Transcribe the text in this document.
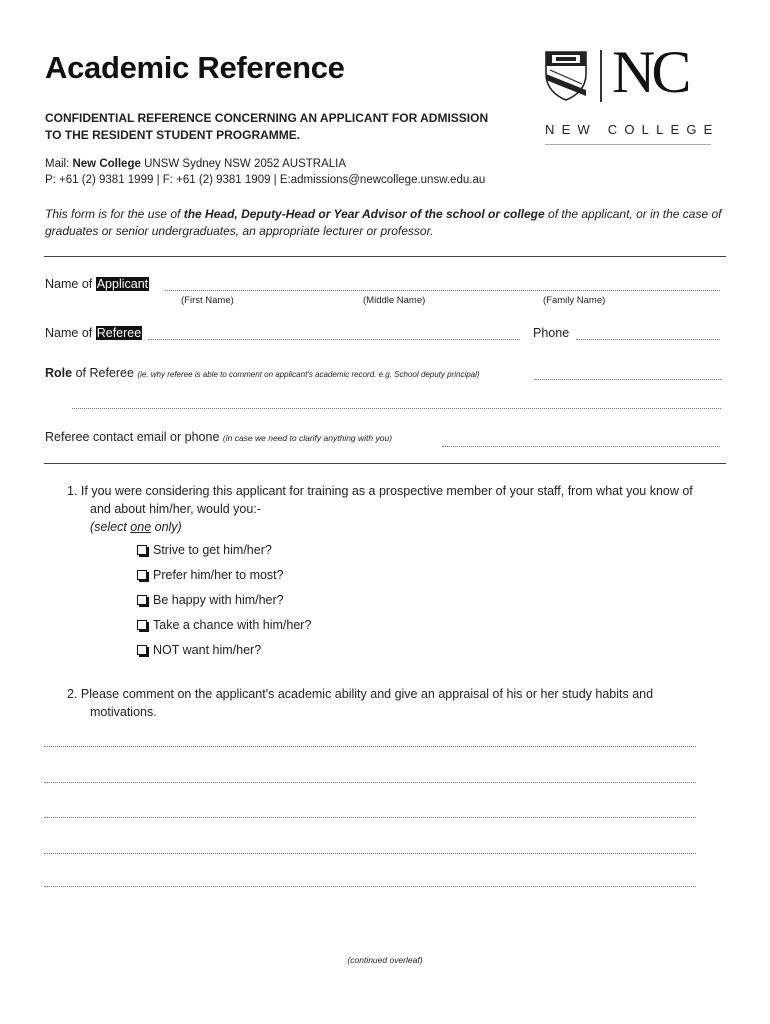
Academic Reference
CONFIDENTIAL REFERENCE CONCERNING AN APPLICANT FOR ADMISSION
TO THE RESIDENT STUDENT PROGRAMME.
Mail: New College UNSW Sydney NSW 2052 AUSTRALIA
P: +61 (2) 9381 1999 | F: +61 (2) 9381 1909 | E:admissions@newcollege.unsw.edu.au
NC
NEW COLLEGE
This form is for the use of the Head, Deputy-Head or Year Advisor of the school or college of the applicant, or in the case of graduates or senior undergraduates, an appropriate lecturer or professor.
Name of Applicant
(First Name)	(Middle Name)	(Family Name)
Name of Referee	Phone
Role of Referee (ie. why referee is able to comment on applicant's academic record. e.g. School deputy principal)
Referee contact email or phone (in case we need to clarify anything with you)
1. If you were considering this applicant for training as a prospective member of your staff, from what you know of
and about him/her, would you:-
(select one only)
Strive to get him/her?
Prefer him/her to most?
Be happy with him/her?
Take a chance with him/her?
NOT want him/her?
2. Please comment on the applicant's academic ability and give an appraisal of his or her study habits and
motivations.
(continued overleaf)
